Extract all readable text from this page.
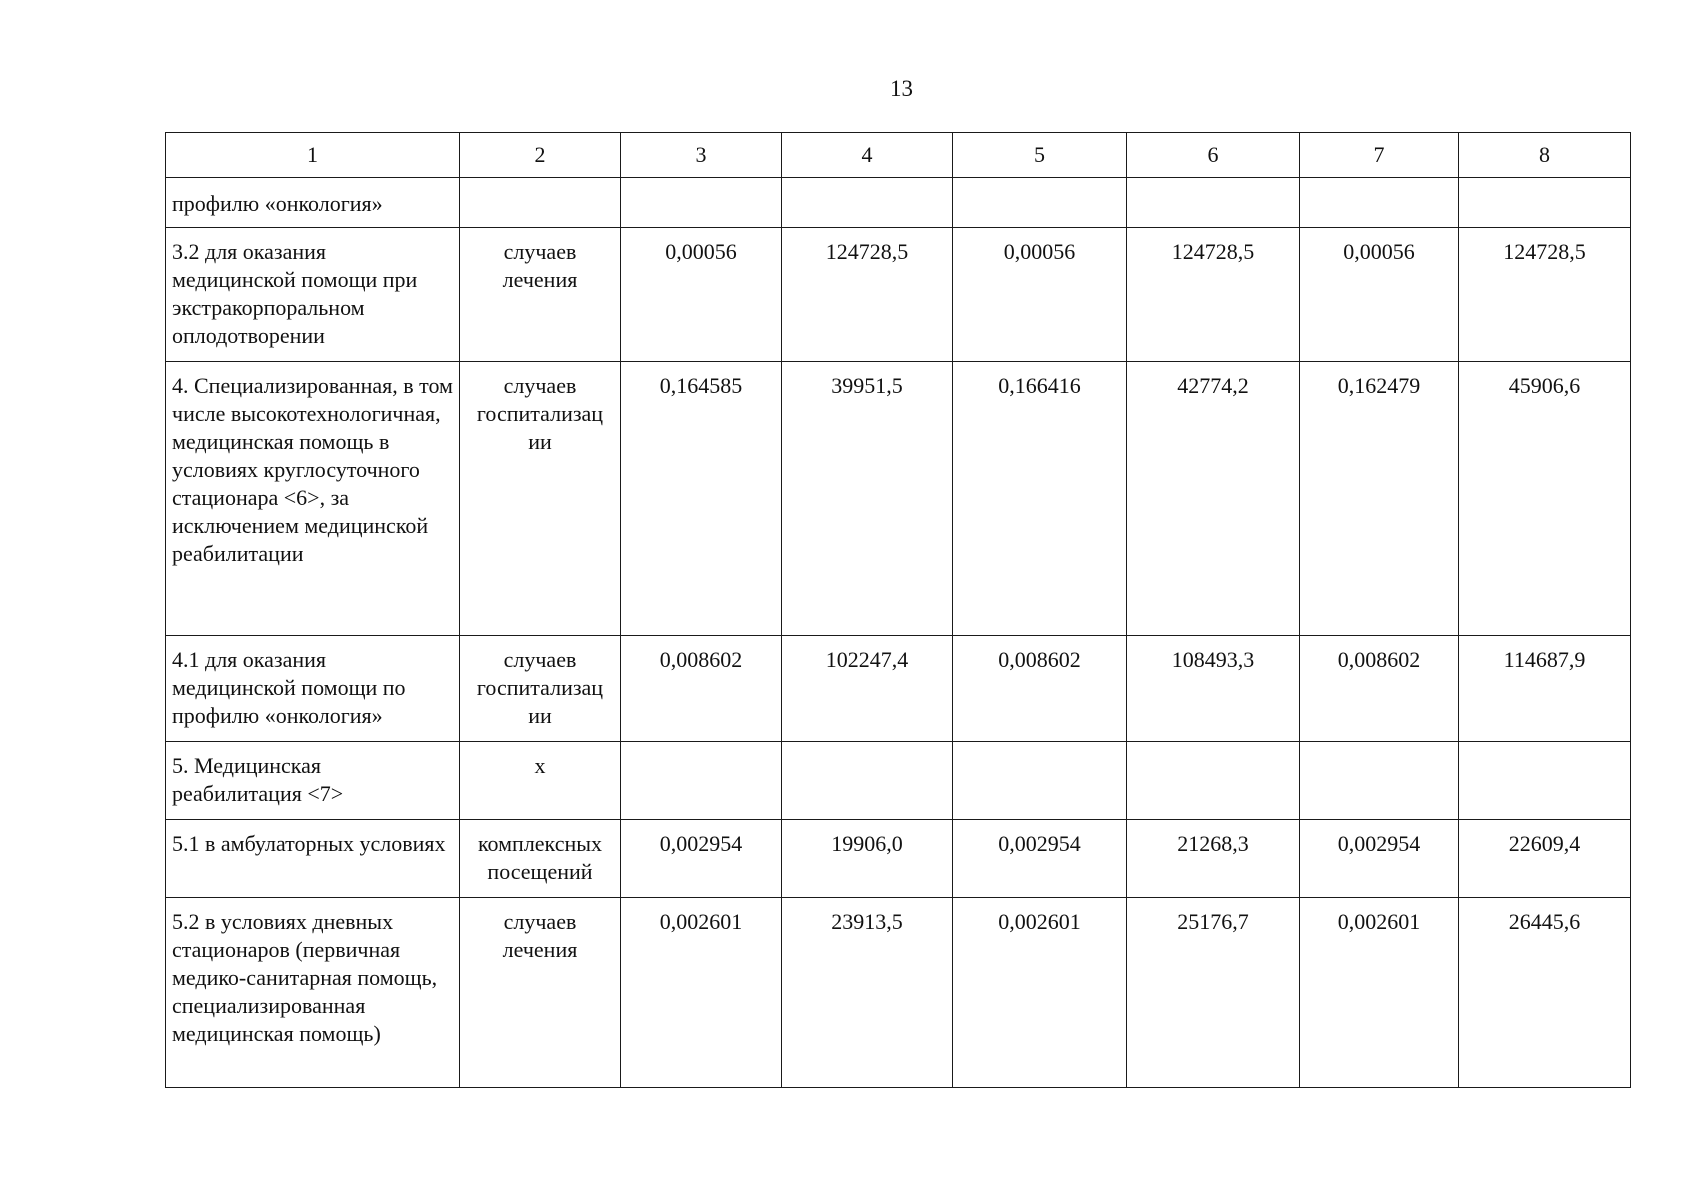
13
1	2	3	4	5	6	7	8
профилю «онкология»							
3.2 для оказания медицинской помощи при экстракорпоральном оплодотворении	случаев лечения	0,00056	124728,5	0,00056	124728,5	0,00056	124728,5
4. Специализированная, в том числе высокотехнологичная, медицинская помощь в условиях круглосуточного стационара <6>, за исключением медицинской реабилитации	случаев госпитализац ии	0,164585	39951,5	0,166416	42774,2	0,162479	45906,6
4.1 для оказания медицинской помощи по профилю «онкология»	случаев госпитализац ии	0,008602	102247,4	0,008602	108493,3	0,008602	114687,9
5. Медицинская реабилитация <7>	х						
5.1 в амбулаторных условиях	комплексных посещений	0,002954	19906,0	0,002954	21268,3	0,002954	22609,4
5.2 в условиях дневных стационаров (первичная медико-санитарная помощь, специализированная медицинская помощь)	случаев лечения	0,002601	23913,5	0,002601	25176,7	0,002601	26445,6
